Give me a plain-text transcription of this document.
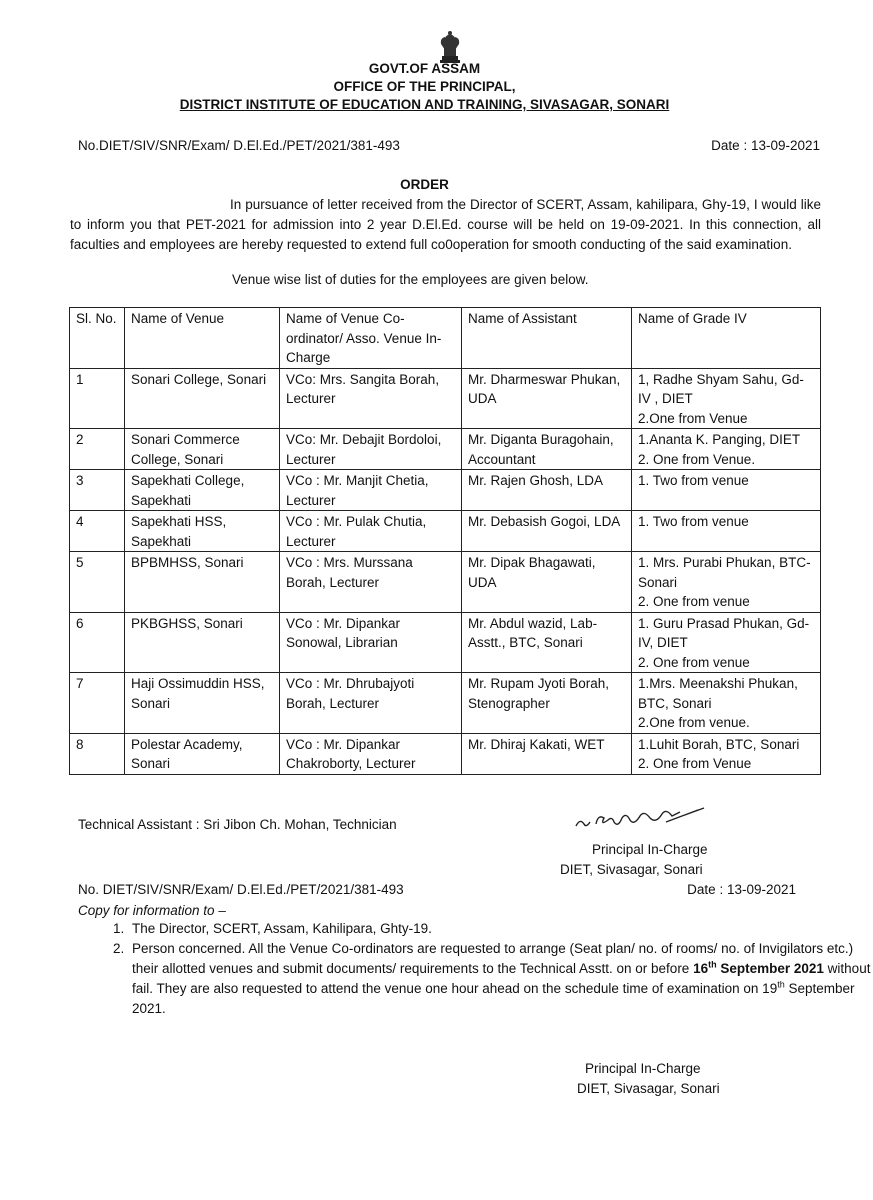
GOVT.OF ASSAM
OFFICE OF THE PRINCIPAL,
DISTRICT INSTITUTE OF EDUCATION AND TRAINING, SIVASAGAR, SONARI
No.DIET/SIV/SNR/Exam/ D.El.Ed./PET/2021/381-493	Date : 13-09-2021
ORDER
In pursuance of letter received from the Director of SCERT, Assam, kahilipara, Ghy-19, I would like to inform you that PET-2021 for admission into 2 year D.El.Ed. course will be held on 19-09-2021. In this connection, all faculties and employees are hereby requested to extend full co0operation for smooth conducting of the said examination.
Venue wise list of duties for the employees are given below.
Sl. No.	Name of Venue	Name of Venue Co-ordinator/ Asso. Venue In-Charge	Name of Assistant	Name of Grade IV
1	Sonari College, Sonari	VCo: Mrs. Sangita Borah, Lecturer	Mr. Dharmeswar Phukan, UDA	1, Radhe Shyam Sahu, Gd-IV , DIET
2.One from Venue

2	Sonari Commerce College, Sonari	VCo: Mr. Debajit Bordoloi, Lecturer	Mr. Diganta Buragohain, Accountant	1.Ananta K. Panging, DIET
2. One from Venue.

3	Sapekhati College, Sapekhati	VCo : Mr. Manjit Chetia, Lecturer	Mr. Rajen Ghosh, LDA	1. Two from venue

4	Sapekhati HSS, Sapekhati	VCo : Mr. Pulak Chutia, Lecturer	Mr. Debasish Gogoi, LDA	1. Two from venue

5	BPBMHSS, Sonari	VCo : Mrs. Murssana Borah, Lecturer	Mr. Dipak Bhagawati, UDA	1. Mrs. Purabi Phukan, BTC-Sonari
2. One from venue

6	PKBGHSS, Sonari	VCo : Mr. Dipankar Sonowal, Librarian	Mr. Abdul wazid, Lab-Asstt., BTC, Sonari	1. Guru Prasad Phukan, Gd-IV, DIET
2. One from venue

7	Haji Ossimuddin HSS, Sonari	VCo : Mr. Dhrubajyoti Borah, Lecturer	Mr. Rupam Jyoti Borah, Stenographer	1.Mrs. Meenakshi Phukan, BTC, Sonari
2.One from venue.

8	Polestar Academy, Sonari	VCo : Mr. Dipankar Chakroborty, Lecturer	Mr. Dhiraj Kakati, WET	1.Luhit Borah, BTC, Sonari
2. One from Venue
Technical Assistant : Sri Jibon Ch. Mohan, Technician
Principal In-Charge
DIET, Sivasagar, Sonari
No. DIET/SIV/SNR/Exam/ D.El.Ed./PET/2021/381-493	Date : 13-09-2021
Copy for information to –
1. The Director, SCERT, Assam, Kahilipara, Ghty-19.
2. Person concerned. All the Venue Co-ordinators are requested to arrange (Seat plan/ no. of rooms/ no. of Invigilators etc.) their allotted venues and submit documents/ requirements to the Technical Asstt. on or before 16th September 2021 without fail. They are also requested to attend the venue one hour ahead on the schedule time of examination on 19th September 2021.
Principal In-Charge
DIET, Sivasagar, Sonari
